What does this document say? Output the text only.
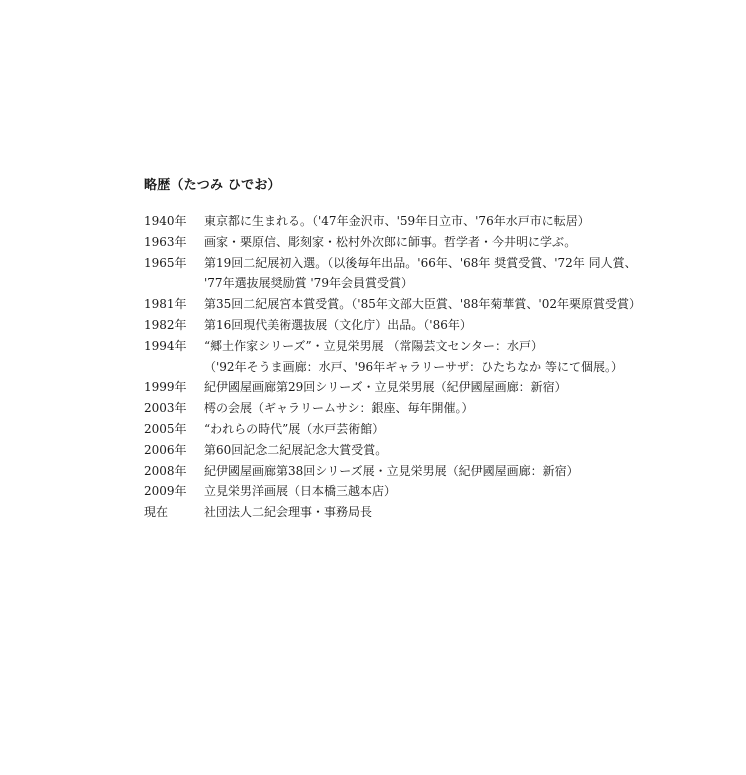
略歴（たつみ ひでお）
1940年	東京都に生まれる。（'47年金沢市、'59年日立市、'76年水戸市に転居）
1963年	画家・栗原信、彫刻家・松村外次郎に師事。哲学者・今井明に学ぶ。
1965年	第19回二紀展初入選。（以後毎年出品。'66年、'68年 奨賞受賞、'72年 同人賞、
'77年選抜展奨励賞 '79年会員賞受賞）
1981年	第35回二紀展宮本賞受賞。（'85年文部大臣賞、'88年菊華賞、'02年栗原賞受賞）
1982年	第16回現代美術選抜展（文化庁）出品。（'86年）
1994年	“郷土作家シリーズ”・立見栄男展 （常陽芸文センター：水戸）
（'92年そうま画廊：水戸、'96年ギャラリーサザ：ひたちなか 等にて個展。）
1999年	紀伊國屋画廊第29回シリーズ・立見栄男展（紀伊國屋画廊：新宿）
2003年	樗の会展（ギャラリームサシ：銀座、毎年開催。）
2005年	“われらの時代”展（水戸芸術館）
2006年	第60回記念二紀展記念大賞受賞。
2008年	紀伊國屋画廊第38回シリーズ展・立見栄男展（紀伊國屋画廊：新宿）
2009年	立見栄男洋画展（日本橋三越本店）
現在	社団法人二紀会理事・事務局長
